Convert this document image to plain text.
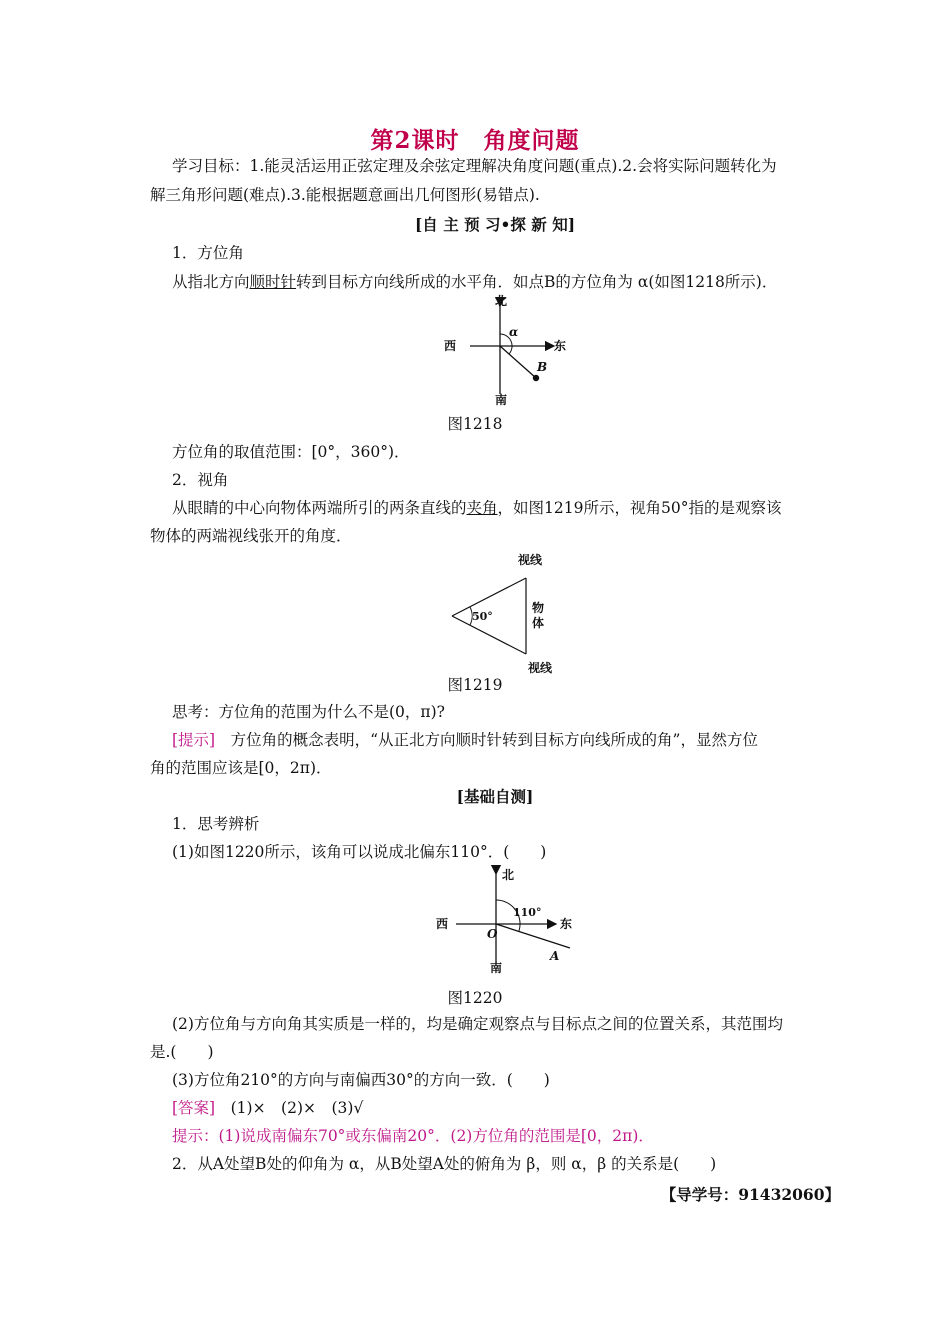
第2课时　角度问题

学习目标：1.能灵活运用正弦定理及余弦定理解决角度问题(重点).2.会将实际问题转化为

解三角形问题(难点).3.能根据题意画出几何图形(易错点).

[自 主 预 习•探 新 知]

1．方位角

从指北方向顺时针转到目标方向线所成的水平角．如点B的方位角为 α(如图1218所示)．

北
西	东
南
α
B
图1218

方位角的取值范围：[0°，360°)．

2．视角

从眼睛的中心向物体两端所引的两条直线的夹角，如图1219所示，视角50°指的是观察该

物体的两端视线张开的角度．

视线
视线
50°
物
体
图1219

思考：方位角的范围为什么不是(0，π)?

[提示]　方位角的概念表明，“从正北方向顺时针转到目标方向线所成的角”，显然方位

角的范围应该是[0，2π)．

[基础自测]

1．思考辨析

(1)如图1220所示，该角可以说成北偏东110°．(　　)

北
西	东
南
O
110°
A
图1220

(2)方位角与方向角其实质是一样的，均是确定观察点与目标点之间的位置关系，其范围均

是.(　　)

(3)方位角210°的方向与南偏西30°的方向一致．(　　)

[答案]　(1)×　(2)×　(3)√

提示：(1)说成南偏东70°或东偏南20°．(2)方位角的范围是[0，2π)．

2．从A处望B处的仰角为 α，从B处望A处的俯角为 β，则 α，β 的关系是(　　)

【导学号：91432060】
